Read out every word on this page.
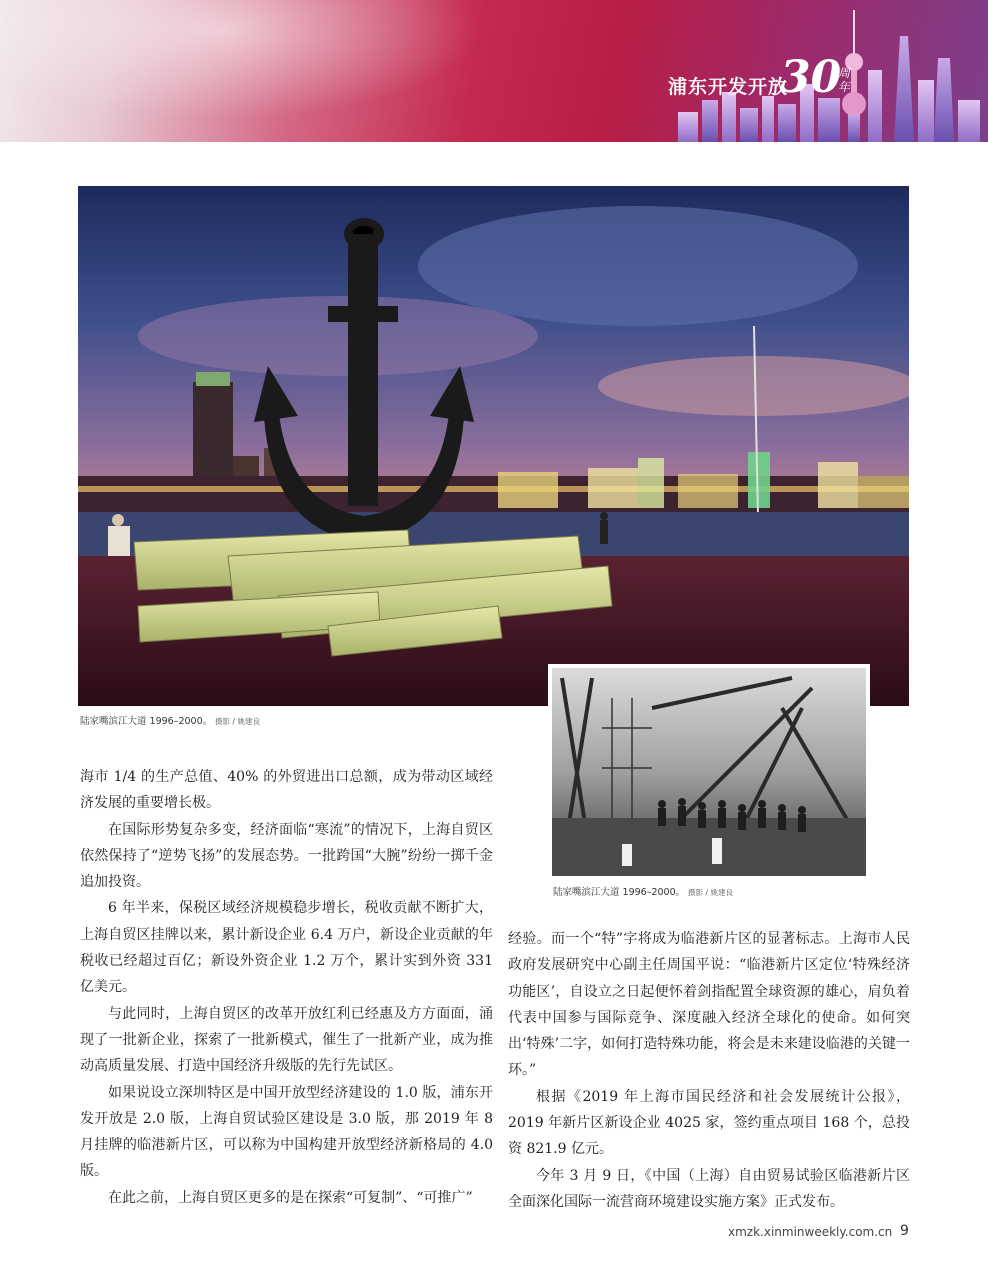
浦东开发开放
30
周年
陆家嘴滨江大道 1996–2000。 摄影 / 姚建良
陆家嘴滨江大道 1996–2000。 摄影 / 姚建良

海市 1/4 的生产总值、40% 的外贸进出口总额，成为带动区域经济发展的重要增长极。

在国际形势复杂多变，经济面临“寒流”的情况下，上海自贸区依然保持了“逆势飞扬”的发展态势。一批跨国“大腕”纷纷一掷千金追加投资。

6 年半来，保税区域经济规模稳步增长，税收贡献不断扩大，上海自贸区挂牌以来，累计新设企业 6.4 万户，新设企业贡献的年税收已经超过百亿；新设外资企业 1.2 万个，累计实到外资 331 亿美元。

与此同时，上海自贸区的改革开放红利已经惠及方方面面，涌现了一批新企业，探索了一批新模式，催生了一批新产业，成为推动高质量发展、打造中国经济升级版的先行先试区。

如果说设立深圳特区是中国开放型经济建设的 1.0 版，浦东开发开放是 2.0 版，上海自贸试验区建设是 3.0 版，那 2019 年 8 月挂牌的临港新片区，可以称为中国构建开放型经济新格局的 4.0 版。

在此之前，上海自贸区更多的是在探索“可复制”、“可推广”

经验。而一个“特”字将成为临港新片区的显著标志。上海市人民政府发展研究中心副主任周国平说：“临港新片区定位‘特殊经济功能区’，自设立之日起便怀着剑指配置全球资源的雄心，肩负着代表中国参与国际竞争、深度融入经济全球化的使命。如何突出‘特殊’二字，如何打造特殊功能，将会是未来建设临港的关键一环。”

根据《2019 年上海市国民经济和社会发展统计公报》，2019 年新片区新设企业 4025 家，签约重点项目 168 个，总投资 821.9 亿元。

今年 3 月 9 日，《中国（上海）自由贸易试验区临港新片区全面深化国际一流营商环境建设实施方案》正式发布。

xmzk.xinminweekly.com.cn 9
